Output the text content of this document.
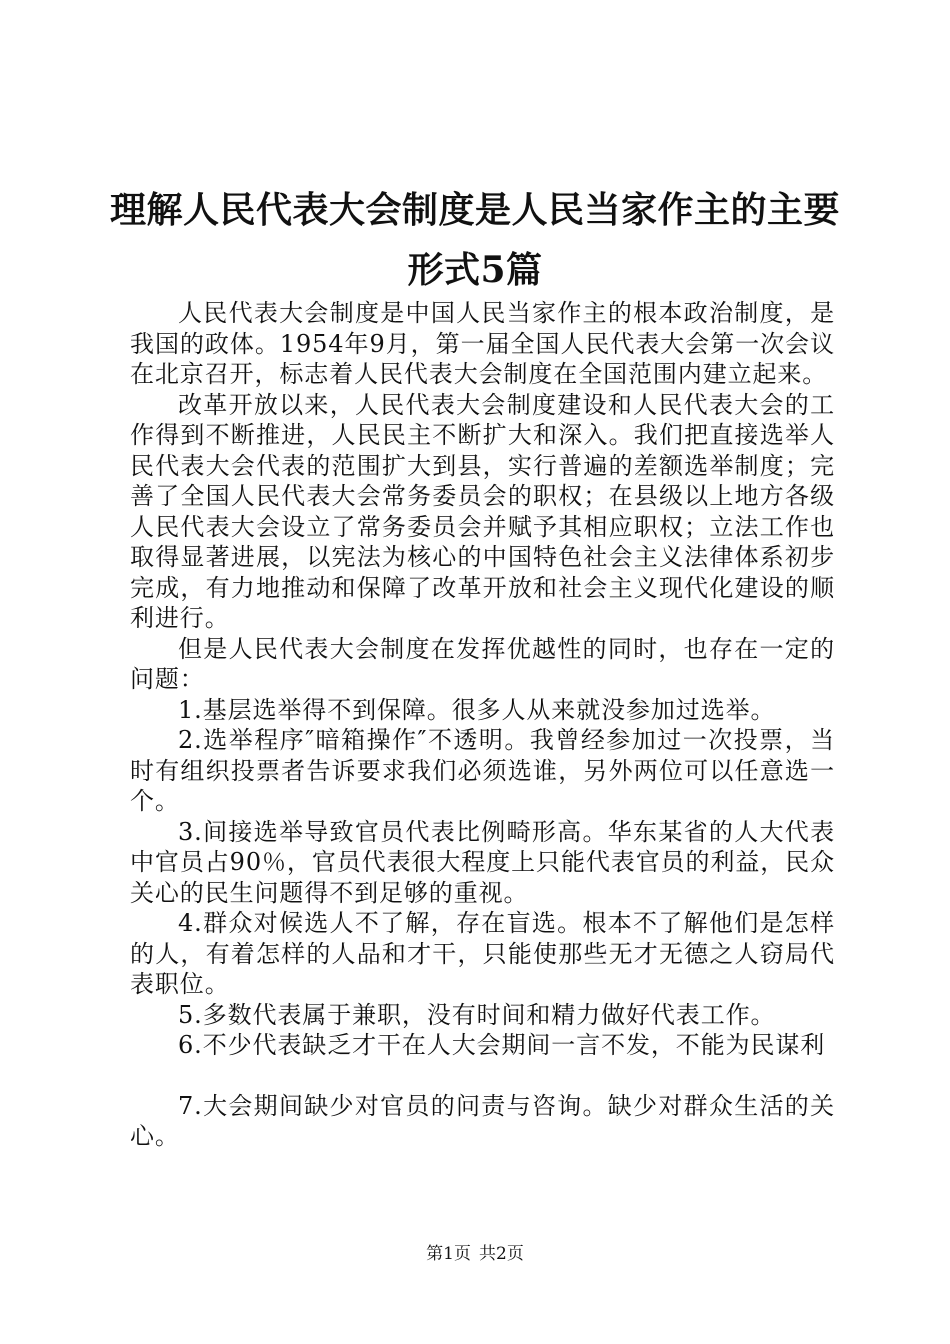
理解人民代表大会制度是人民当家作主的主要
形式5篇

人民代表大会制度是中国人民当家作主的根本政治制度，是我国的政体。1954年9月，第一届全国人民代表大会第一次会议在北京召开，标志着人民代表大会制度在全国范围内建立起来。

改革开放以来，人民代表大会制度建设和人民代表大会的工作得到不断推进，人民民主不断扩大和深入。我们把直接选举人民代表大会代表的范围扩大到县，实行普遍的差额选举制度；完善了全国人民代表大会常务委员会的职权；在县级以上地方各级人民代表大会设立了常务委员会并赋予其相应职权；立法工作也取得显著进展，以宪法为核心的中国特色社会主义法律体系初步完成，有力地推动和保障了改革开放和社会主义现代化建设的顺利进行。

但是人民代表大会制度在发挥优越性的同时，也存在一定的问题：

1.基层选举得不到保障。很多人从来就没参加过选举。

2.选举程序″暗箱操作″不透明。我曾经参加过一次投票，当时有组织投票者告诉要求我们必须选谁，另外两位可以任意选一个。

3.间接选举导致官员代表比例畸形高。华东某省的人大代表中官员占90％，官员代表很大程度上只能代表官员的利益，民众关心的民生问题得不到足够的重视。

4.群众对候选人不了解，存在盲选。根本不了解他们是怎样的人，有着怎样的人品和才干，只能使那些无才无德之人窃局代表职位。

5.多数代表属于兼职，没有时间和精力做好代表工作。

6.不少代表缺乏才干在人大会期间一言不发，不能为民谋利

7.大会期间缺少对官员的问责与咨询。缺少对群众生活的关心。

第1页 共2页
